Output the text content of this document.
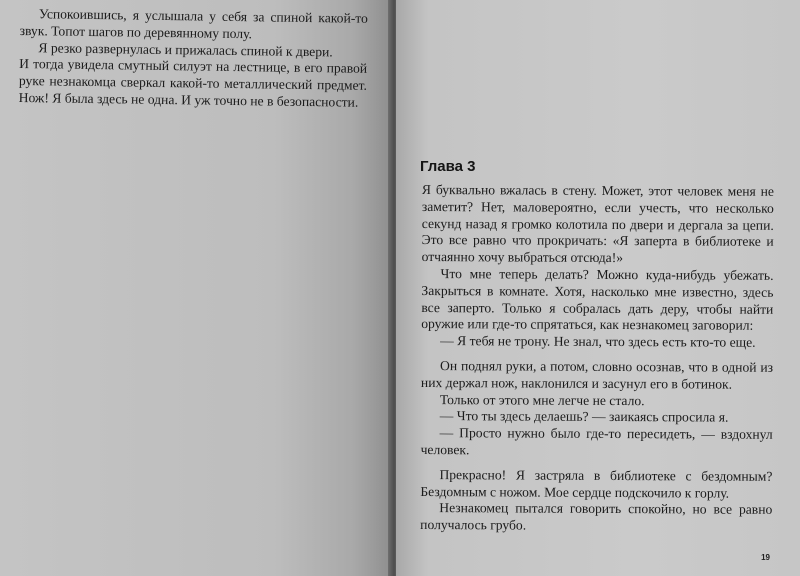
Успокоившись, я услышала у себя за спиной какой-то звук. Топот шагов по деревянному полу.

Я резко развернулась и прижалась спиной к двери.

И тогда увидела смутный силуэт на лестнице, в его правой руке незнакомца сверкал какой-то металлический предмет. Нож! Я была здесь не одна. И уж точно не в безопасности.

Глава 3

Я буквально вжалась в стену. Может, этот человек меня не заметит? Нет, маловероятно, если учесть, что несколько секунд назад я громко колотила по двери и дергала за цепи. Это все равно что прокричать: «Я заперта в библиотеке и отчаянно хочу выбраться отсюда!»

Что мне теперь делать? Можно куда-нибудь убежать. Закрыться в комнате. Хотя, насколько мне известно, здесь все заперто. Только я собралась дать деру, чтобы найти оружие или где-то спрятаться, как незнакомец заговорил:

— Я тебя не трону. Не знал, что здесь есть кто-то еще.

Он поднял руки, а потом, словно осознав, что в одной из них держал нож, наклонился и засунул его в ботинок.

Только от этого мне легче не стало.

— Что ты здесь делаешь? — заикаясь спросила я.

— Просто нужно было где-то пересидеть, — вздохнул человек.

Прекрасно! Я застряла в библиотеке с бездомным? Бездомным с ножом. Мое сердце подскочило к горлу.

Незнакомец пытался говорить спокойно, но все равно получалось грубо.

19
